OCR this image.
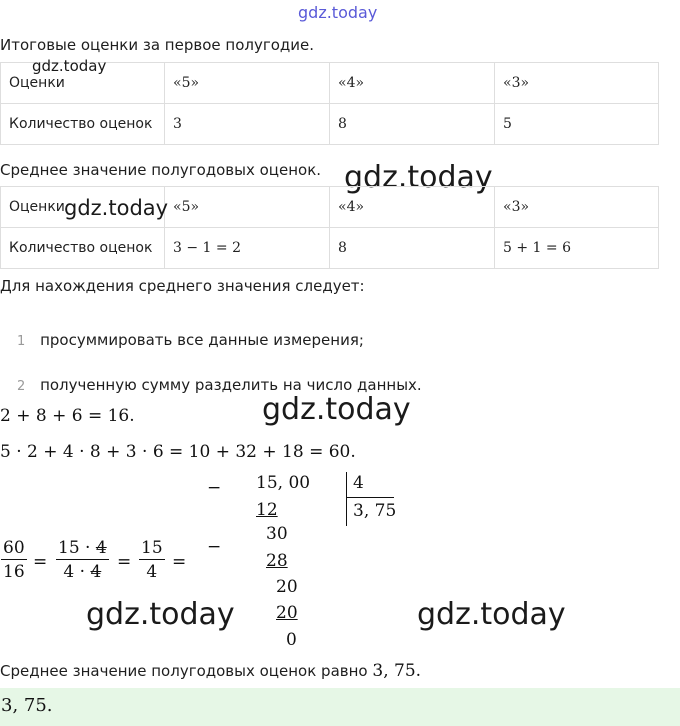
gdz.today
Итоговые оценки за первое полугодие.
Оценки	«5»	«4»	«3»
Количество оценок	3	8	5
gdz.today
Среднее значение полугодовых оценок. gdz.today
Оценки	«5»	«4»	«3»
Количество оценок	3 − 1 = 2	8	5 + 1 = 6
gdz.today
Для нахождения среднего значения следует:
1 просуммировать все данные измерения;
2 полученную сумму разделить на число данных.
2 + 8 + 6 = 16.	gdz.today
5 · 2 + 4 · 8 + 3 · 6 = 10 + 32 + 18 = 60.
$\frac{60}{16} = \frac{15 \cdot 4}{4 \cdot 4} = \frac{15}{4}$ =
− 15, 00	4
3, 75
12
−
30
28
20
20
0
gdz.today	gdz.today
Среднее значение полугодовых оценок равно 3, 75.
3, 75.
